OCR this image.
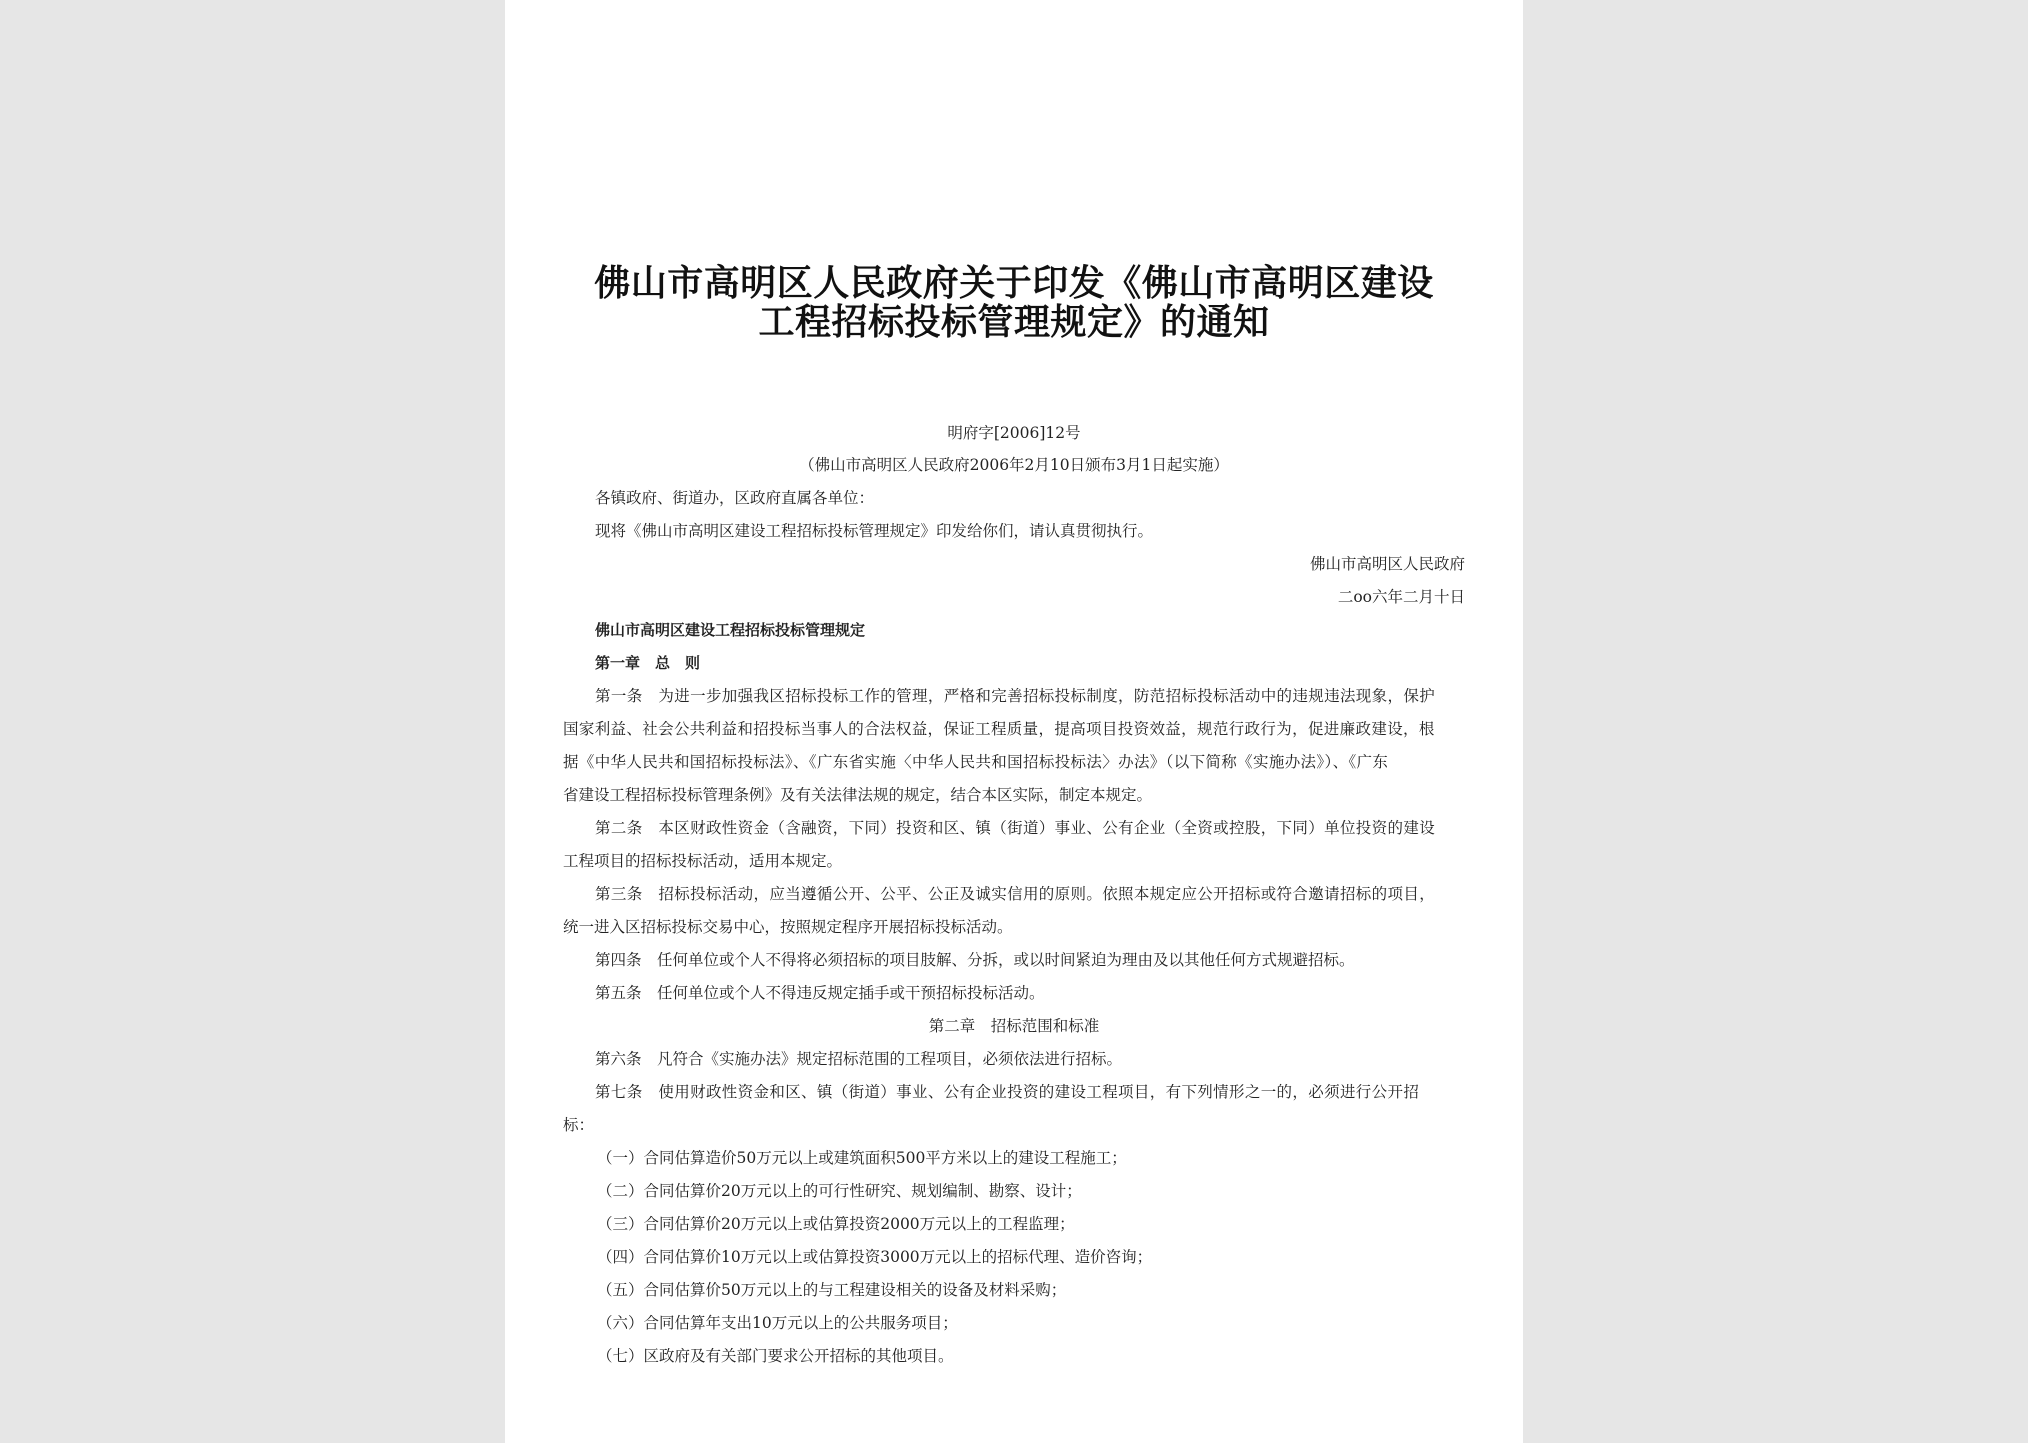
佛山市高明区人民政府关于印发《佛山市高明区建设
工程招标投标管理规定》的通知
明府字[2006]12号
（佛山市高明区人民政府2006年2月10日颁布3月1日起实施）
各镇政府、街道办，区政府直属各单位：
现将《佛山市高明区建设工程招标投标管理规定》印发给你们，请认真贯彻执行。
佛山市高明区人民政府
二oo六年二月十日
佛山市高明区建设工程招标投标管理规定
第一章　总　则
第一条　为进一步加强我区招标投标工作的管理，严格和完善招标投标制度，防范招标投标活动中的违规违法现象，保护
国家利益、社会公共利益和招投标当事人的合法权益，保证工程质量，提高项目投资效益，规范行政行为，促进廉政建设，根
据《中华人民共和国招标投标法》、《广东省实施〈中华人民共和国招标投标法〉办法》（以下简称《实施办法》）、《广东
省建设工程招标投标管理条例》及有关法律法规的规定，结合本区实际，制定本规定。
第二条　本区财政性资金（含融资，下同）投资和区、镇（街道）事业、公有企业（全资或控股，下同）单位投资的建设
工程项目的招标投标活动，适用本规定。
第三条　招标投标活动，应当遵循公开、公平、公正及诚实信用的原则。依照本规定应公开招标或符合邀请招标的项目，
统一进入区招标投标交易中心，按照规定程序开展招标投标活动。
第四条　任何单位或个人不得将必须招标的项目肢解、分拆，或以时间紧迫为理由及以其他任何方式规避招标。
第五条　任何单位或个人不得违反规定插手或干预招标投标活动。
第二章　招标范围和标准
第六条　凡符合《实施办法》规定招标范围的工程项目，必须依法进行招标。
第七条　使用财政性资金和区、镇（街道）事业、公有企业投资的建设工程项目，有下列情形之一的，必须进行公开招
标：
（一）合同估算造价50万元以上或建筑面积500平方米以上的建设工程施工；
（二）合同估算价20万元以上的可行性研究、规划编制、勘察、设计；
（三）合同估算价20万元以上或估算投资2000万元以上的工程监理；
（四）合同估算价10万元以上或估算投资3000万元以上的招标代理、造价咨询；
（五）合同估算价50万元以上的与工程建设相关的设备及材料采购；
（六）合同估算年支出10万元以上的公共服务项目；
（七）区政府及有关部门要求公开招标的其他项目。
